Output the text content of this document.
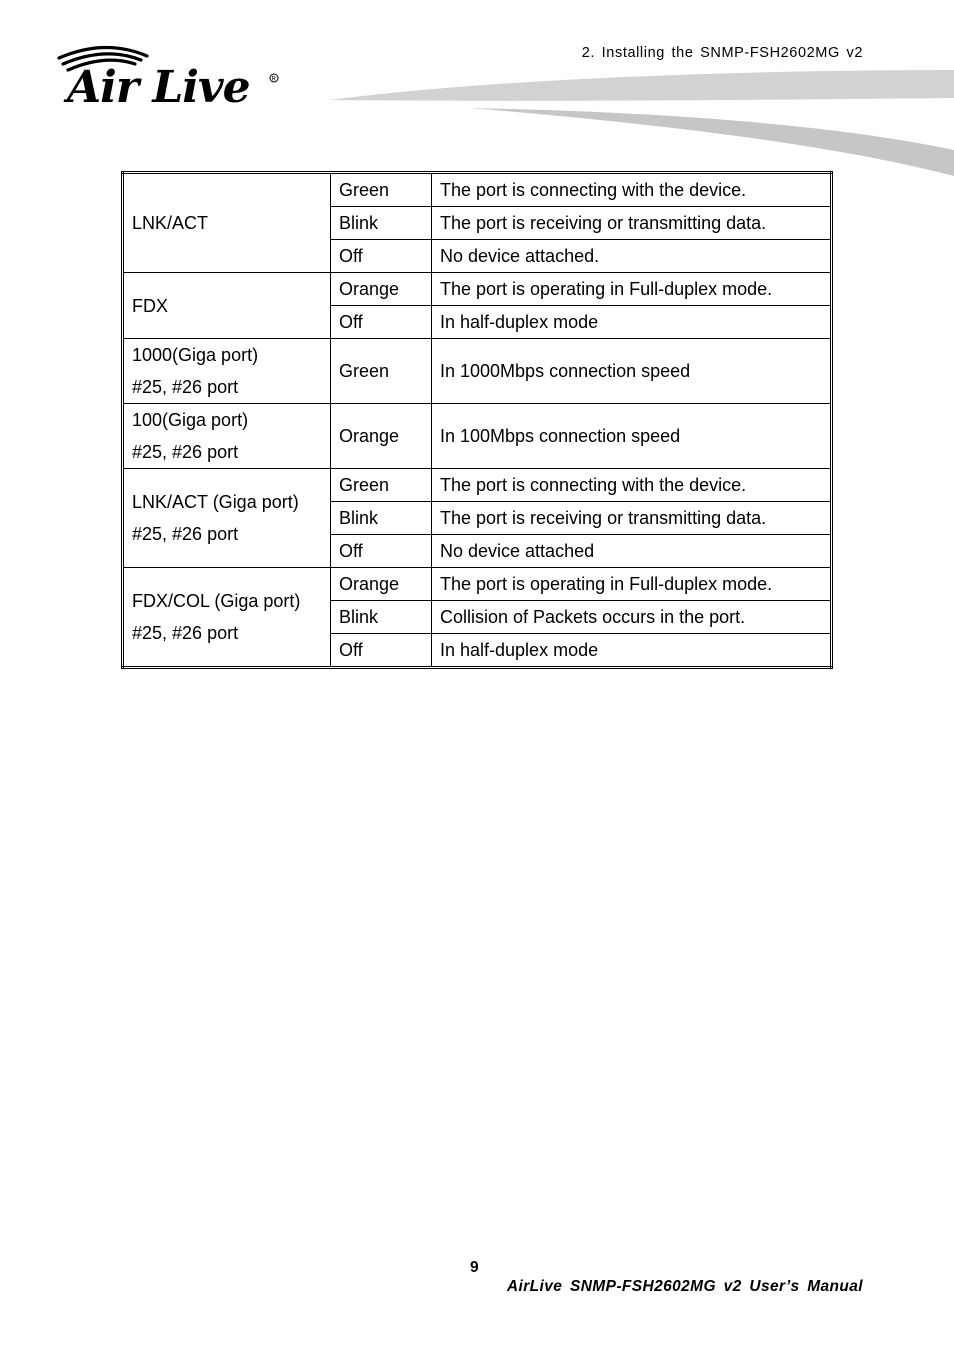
2. Installing the SNMP-FSH2602MG v2
Air Live	R
LNK/ACT	Green	The port is connecting with the device.
	Blink	The port is receiving or transmitting data.
	Off	No device attached.

FDX	Orange	The port is operating in Full-duplex mode.
	Off	In half-duplex mode

1000(Giga port)
#25, #26 port	Green	In 1000Mbps connection speed

100(Giga port)
#25, #26 port	Orange	In 100Mbps connection speed

LNK/ACT (Giga port)
#25, #26 port	Green	The port is connecting with the device.
	Blink	The port is receiving or transmitting data.
	Off	No device attached

FDX/COL (Giga port)
#25, #26 port	Orange	The port is operating in Full-duplex mode.
	Blink	Collision of Packets occurs in the port.
	Off	In half-duplex mode
9
AirLive SNMP-FSH2602MG v2 User’s Manual
